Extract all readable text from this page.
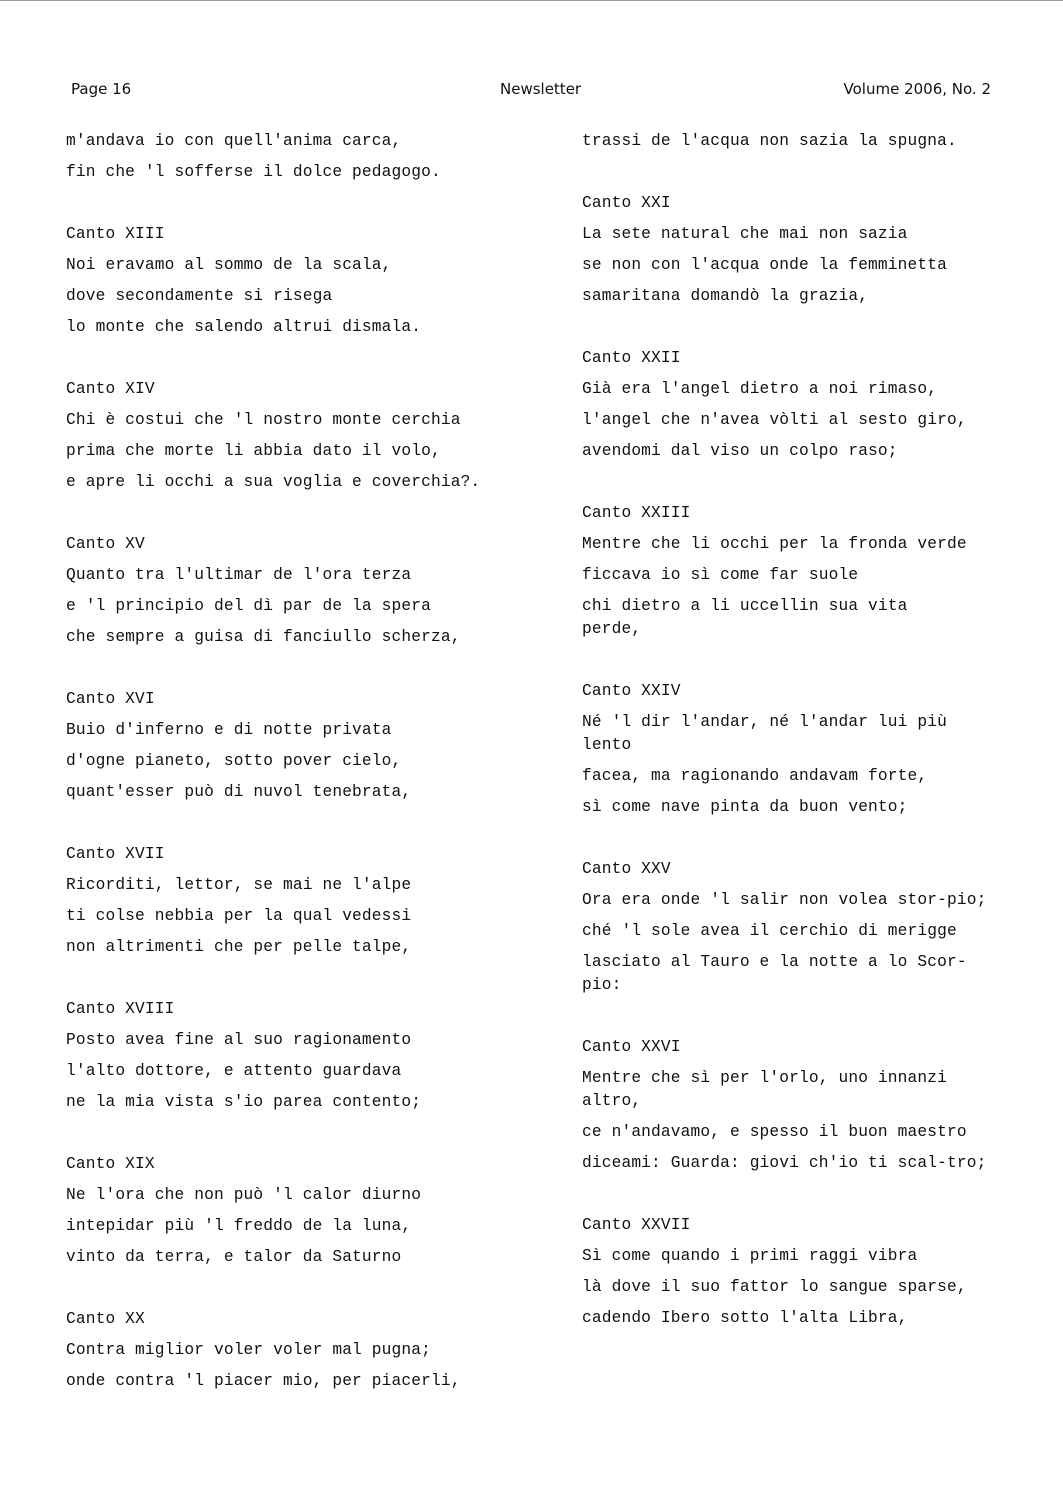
Page 16	Newsletter	Volume 2006, No. 2
m'andava io con quell'anima carca,
fin che 'l sofferse il dolce pedagogo.
Canto XIII
Noi eravamo al sommo de la scala,
dove secondamente si risega
lo monte che salendo altrui dismala.
Canto XIV
Chi è costui che 'l nostro monte cerchia
prima che morte li abbia dato il volo,
e apre li occhi a sua voglia e coverchia?.
Canto XV
Quanto tra l'ultimar de l'ora terza
e 'l principio del dì par de la spera
che sempre a guisa di fanciullo scherza,
Canto XVI
Buio d'inferno e di notte privata
d'ogne pianeto, sotto pover cielo,
quant'esser può di nuvol tenebrata,
Canto XVII
Ricorditi, lettor, se mai ne l'alpe
ti colse nebbia per la qual vedessi
non altrimenti che per pelle talpe,
Canto XVIII
Posto avea fine al suo ragionamento
l'alto dottore, e attento guardava
ne la mia vista s'io parea contento;
Canto XIX
Ne l'ora che non può 'l calor diurno
intepidar più 'l freddo de la luna,
vinto da terra, e talor da Saturno
Canto XX
Contra miglior voler voler mal pugna;
onde contra 'l piacer mio, per piacerli,
trassi de l'acqua non sazia la spugna.
Canto XXI
La sete natural che mai non sazia
se non con l'acqua onde la femminetta
samaritana domandò la grazia,
Canto XXII
Già era l'angel dietro a noi rimaso,
l'angel che n'avea vòlti al sesto giro,
avendomi dal viso un colpo raso;
Canto XXIII
Mentre che li occhi per la fronda verde
ficcava io sì come far suole
chi dietro a li uccellin sua vita perde,
Canto XXIV
Né 'l dir l'andar, né l'andar lui più lento
facea, ma ragionando andavam forte,
sì come nave pinta da buon vento;
Canto XXV
Ora era onde 'l salir non volea stor-pio;
ché 'l sole avea il cerchio di merigge
lasciato al Tauro e la notte a lo Scor-pio:
Canto XXVI
Mentre che sì per l'orlo, uno innanzi altro,
ce n'andavamo, e spesso il buon maestro
diceami: Guarda: giovi ch'io ti scal-tro;
Canto XXVII
Sì come quando i primi raggi vibra
là dove il suo fattor lo sangue sparse,
cadendo Ibero sotto l'alta Libra,
